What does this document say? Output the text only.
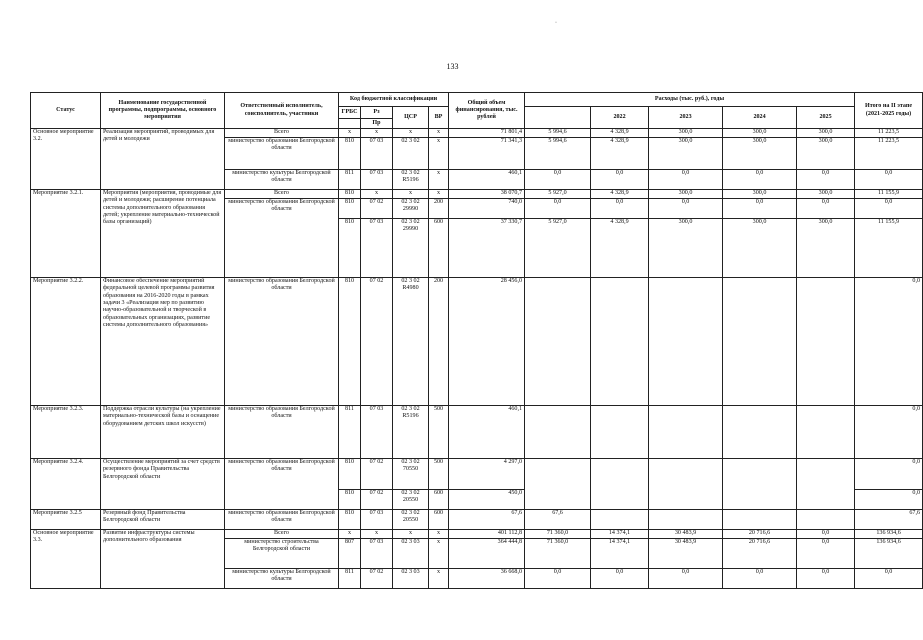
·
133
Статус	Наименование государственной программы, подпрограммы, основного мероприятия	Ответственный исполнитель, соисполнитель, участники	Код бюджетной классификации				Общий объем финансирования, тыс. рублей	Расходы (тыс. руб.), годы					Итого на II этапе (2021-2025 годы)
			ГРБС	Рз	ЦСР	ВР			2022	2023	2024	2025	
				Пр									
Основное мероприятие 3.2.	Реализация мероприятий, проводимых для детей и молодежи	Всего	х	х	х	х	71 801,4	5 994,6	4 328,9	300,0	300,0	300,0	11 223,5
		министерство образования Белгородской области	810	07 03	02 3 02	х	71 341,3	5 994,6	4 328,9	300,0	300,0	300,0	11 223,5
		министерство культуры Белгородской области	811	07 03	02 3 02 R5196	х	460,1	0,0	0,0	0,0	0,0	0,0	0,0
Мероприятие 3.2.1.	Мероприятия (мероприятия, проводимые для детей и молодежи; расширение потенциала системы дополнительного образования детей; укрепление материально-технической базы организаций)	Всего	810	х	х	х	38 070,7	5 927,0	4 328,9	300,0	300,0	300,0	11 155,9
		министерство образования Белгородской области	810	07 02	02 3 02 29990	200	740,0	0,0	0,0	0,0	0,0	0,0	0,0
			810	07 03	02 3 02 29990	600	37 330,7	5 927,0	4 328,9	300,0	300,0	300,0	11 155,9
Мероприятие 3.2.2.	Финансовое обеспечение мероприятий федеральной целевой программы развития образования на 2016-2020 годы в рамках задачи 3 «Реализация мер по развитию научно-образовательной и творческой в образовательных организациях, развитие системы дополнительного образования»	министерство образования Белгородской области	810	07 02	02 3 02 R4980	200	28 456,0						0,0
Мероприятие 3.2.3.	Поддержка отрасли культуры (на укрепление материально-технической базы и оснащение оборудованием детских школ искусств)	министерство образования Белгородской области	811	07 03	02 3 02 R5196	500	460,1						0,0
Мероприятие 3.2.4.	Осуществление мероприятий за счет средств резервного фонда Правительства Белгородской области	министерство образования Белгородской области	810	07 02	02 3 02 70550	500	4 297,0						0,0
			810	07 02	02 3 02 20550	600	450,0						0,0
Мероприятие 3.2.5	Резервный фонд Правительства Белгородской области	министерство образования Белгородской области	810	07 03	02 3 02 20550	600	67,6	67,6					67,6
Основное мероприятие 3.3.	Развитие инфраструктуры системы дополнительного образования	Всего	х	х	х	х	401 112,8	71 360,0	14 374,1	30 483,9	20 716,6	0,0	136 934,6
		министерство строительства Белгородской области	807	07 03	02 3 03	х	364 444,8	71 360,0	14 374,1	30 483,9	20 716,6	0,0	136 934,6
		министерство культуры Белгородской области	811	07 02	02 3 03	х	36 668,0	0,0	0,0	0,0	0,0	0,0	0,0
